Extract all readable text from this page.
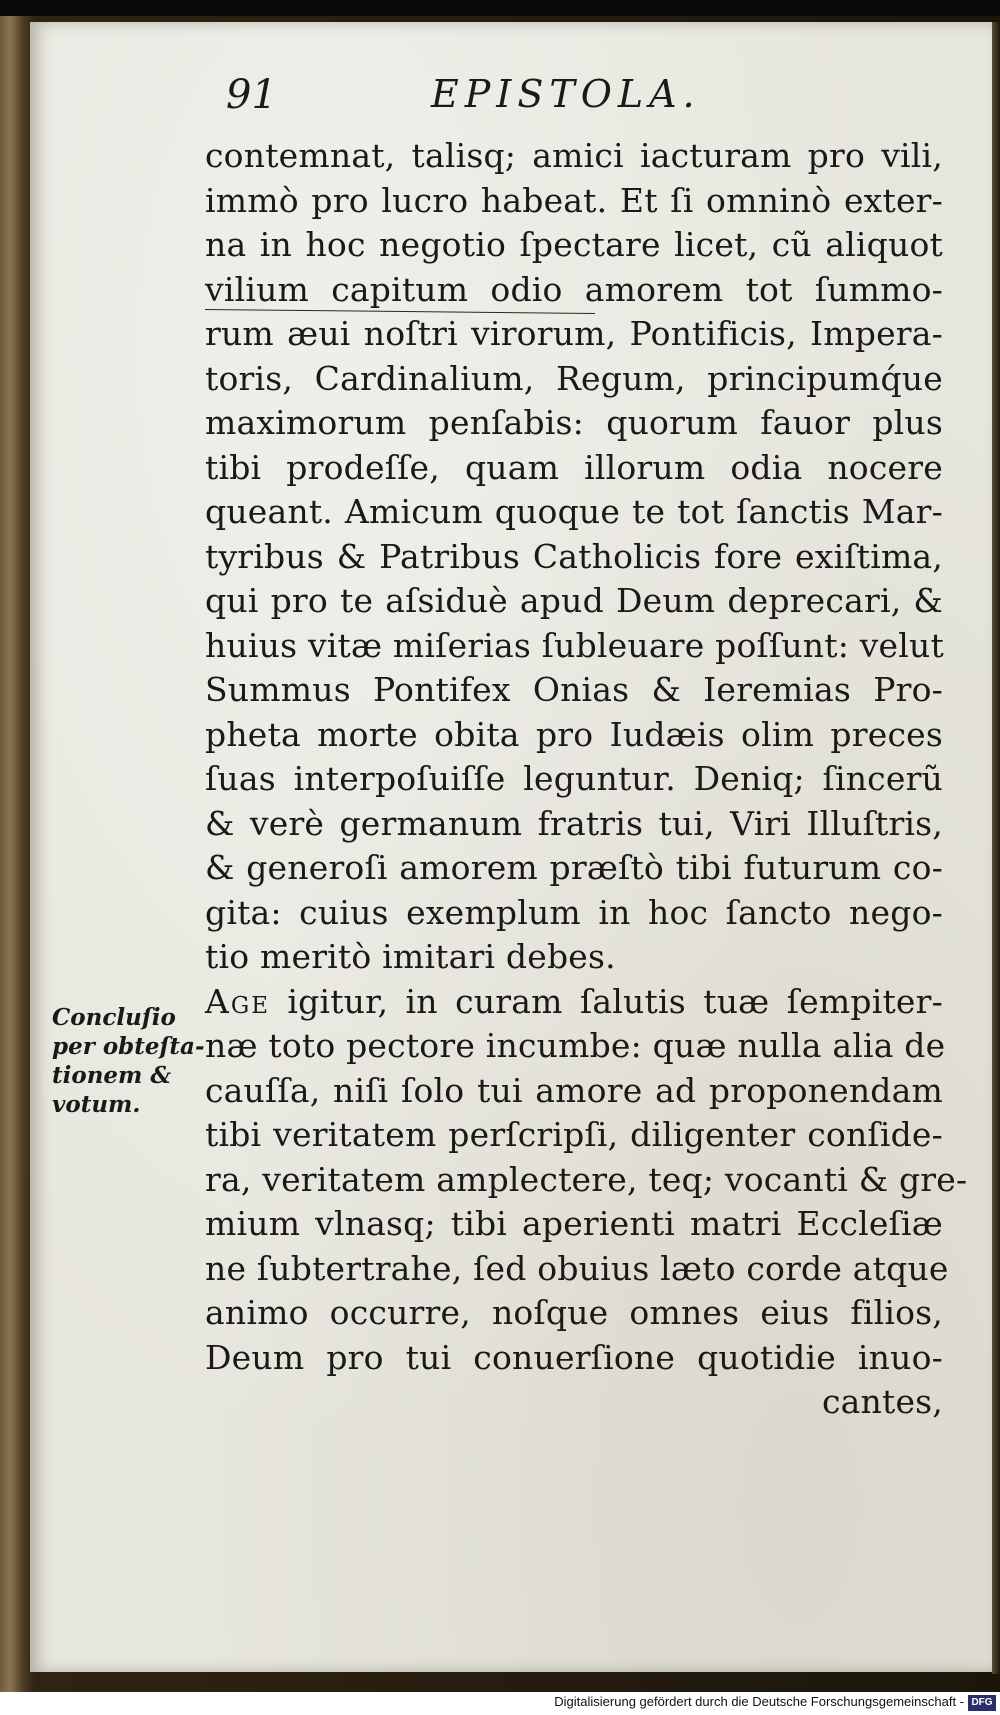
91	EPISTOLA.
contemnat, talisq; amici iacturam pro vili,
immò pro lucro habeat. Et ſi omninò exter-
na in hoc negotio ſpectare licet, cũ aliquot
vilium capitum odio amorem tot ſummo-
rum æui noſtri virorum, Pontificis, Impera-
toris, Cardinalium, Regum, principumq́ue
maximorum penſabis: quorum fauor plus
tibi prodeſſe, quam illorum odia nocere
queant. Amicum quoque te tot ſanctis Mar-
tyribus & Patribus Catholicis fore exiſtima,
qui pro te aſsiduè apud Deum deprecari, &
huius vitæ miſerias ſubleuare poſſunt: velut
Summus Pontifex Onias & Ieremias Pro-
pheta morte obita pro Iudæis olim preces
ſuas interpoſuiſſe leguntur. Deniq; ſincerũ
& verè germanum fratris tui, Viri Illuſtris,
& generoſi amorem præſtò tibi futurum co-
gita: cuius exemplum in hoc ſancto nego-
tio meritò imitari debes.
Age igitur, in curam ſalutis tuæ ſempiter-
næ toto pectore incumbe: quæ nulla alia de
cauſſa, niſi ſolo tui amore ad proponendam
tibi veritatem perſcripſi, diligenter conſide-
ra, veritatem amplectere, teq; vocanti & gre-
mium vlnasq; tibi aperienti matri Eccleſiæ
ne ſubtertrahe, ſed obuius læto corde atque
animo occurre, noſque omnes eius filios,
Deum pro tui conuerſione quotidie inuo-
cantes,
Concluſio
per obteſta-
tionem &
votum.
Digitalisierung gefördert durch die Deutsche Forschungsgemeinschaft - DFG
